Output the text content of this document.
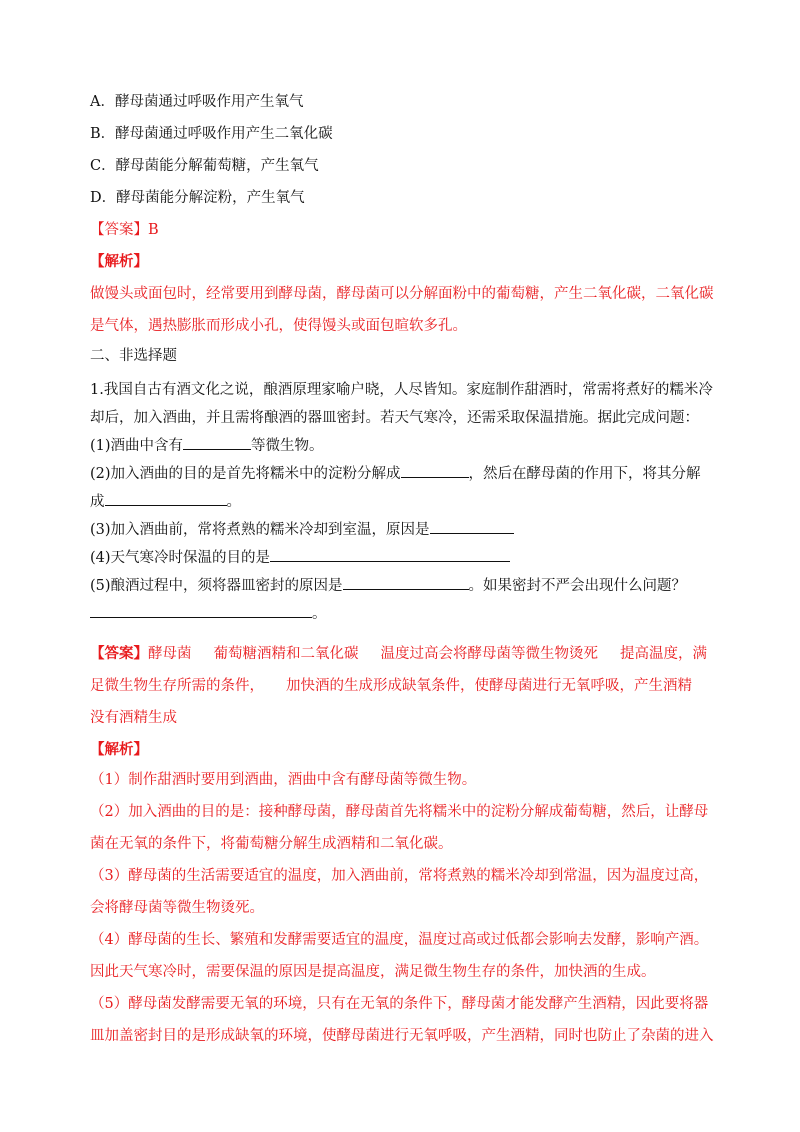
A．酵母菌通过呼吸作用产生氧气

B．酵母菌通过呼吸作用产生二氧化碳

C．酵母菌能分解葡萄糖，产生氧气

D．酵母菌能分解淀粉，产生氧气

【答案】B

【解析】

做馒头或面包时，经常要用到酵母菌，酵母菌可以分解面粉中的葡萄糖，产生二氧化碳，二氧化碳是气体，遇热膨胀而形成小孔，使得馒头或面包暄软多孔。

二、非选择题

1.我国自古有酒文化之说，酿酒原理家喻户晓，人尽皆知。家庭制作甜酒时，常需将煮好的糯米冷却后，加入酒曲，并且需将酿酒的器皿密封。若天气寒冷，还需采取保温措施。据此完成问题：

(1)酒曲中含有	等微生物。

(2)加入酒曲的目的是首先将糯米中的淀粉分解成	，然后在酵母菌的作用下，将其分解

成	。

(3)加入酒曲前，常将煮熟的糯米冷却到室温，原因是

(4)天气寒冷时保温的目的是

(5)酿酒过程中，须将器皿密封的原因是	。如果密封不严会出现什么问题？

。

【答案】酵母菌 葡萄糖酒精和二氧化碳 温度过高会将酵母菌等微生物烫死 提高温度，满

足微生物生存所需的条件， 加快酒的生成形成缺氧条件，使酵母菌进行无氧呼吸，产生酒精

没有酒精生成

【解析】

（1）制作甜酒时要用到酒曲，酒曲中含有酵母菌等微生物。

（2）加入酒曲的目的是：接种酵母菌，酵母菌首先将糯米中的淀粉分解成葡萄糖，然后，让酵母菌在无氧的条件下，将葡萄糖分解生成酒精和二氧化碳。

（3）酵母菌的生活需要适宜的温度，加入酒曲前，常将煮熟的糯米冷却到常温，因为温度过高，会将酵母菌等微生物烫死。

（4）酵母菌的生长、繁殖和发酵需要适宜的温度，温度过高或过低都会影响去发酵，影响产酒。因此天气寒冷时，需要保温的原因是提高温度，满足微生物生存的条件，加快酒的生成。

（5）酵母菌发酵需要无氧的环境，只有在无氧的条件下，酵母菌才能发酵产生酒精，因此要将器皿加盖密封目的是形成缺氧的环境，使酵母菌进行无氧呼吸，产生酒精，同时也防止了杂菌的进入
